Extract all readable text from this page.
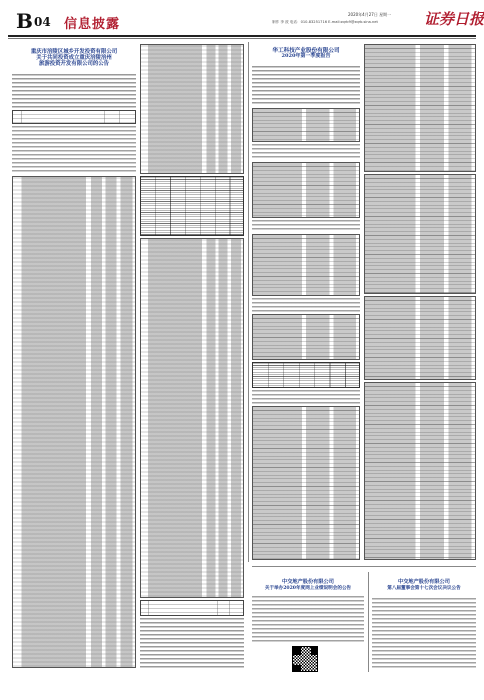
B 04 信息披露
2020年4月27日 星期一
制作 李 波 电话：010-83251716 E-mail:zqrb9@zqrb.sina.net	证券日报

重庆市涪陵区城乡开发投资有限公司
关于共同投资成立重庆涪陵涪州
旅游投资开发有限公司的公告

华工科技产业股份有限公司
2020年第一季度报告

中交地产股份有限公司
关于举办2020年度网上业绩说明会的公告

中交地产股份有限公司
第八届董事会第十七次会议决议公告
